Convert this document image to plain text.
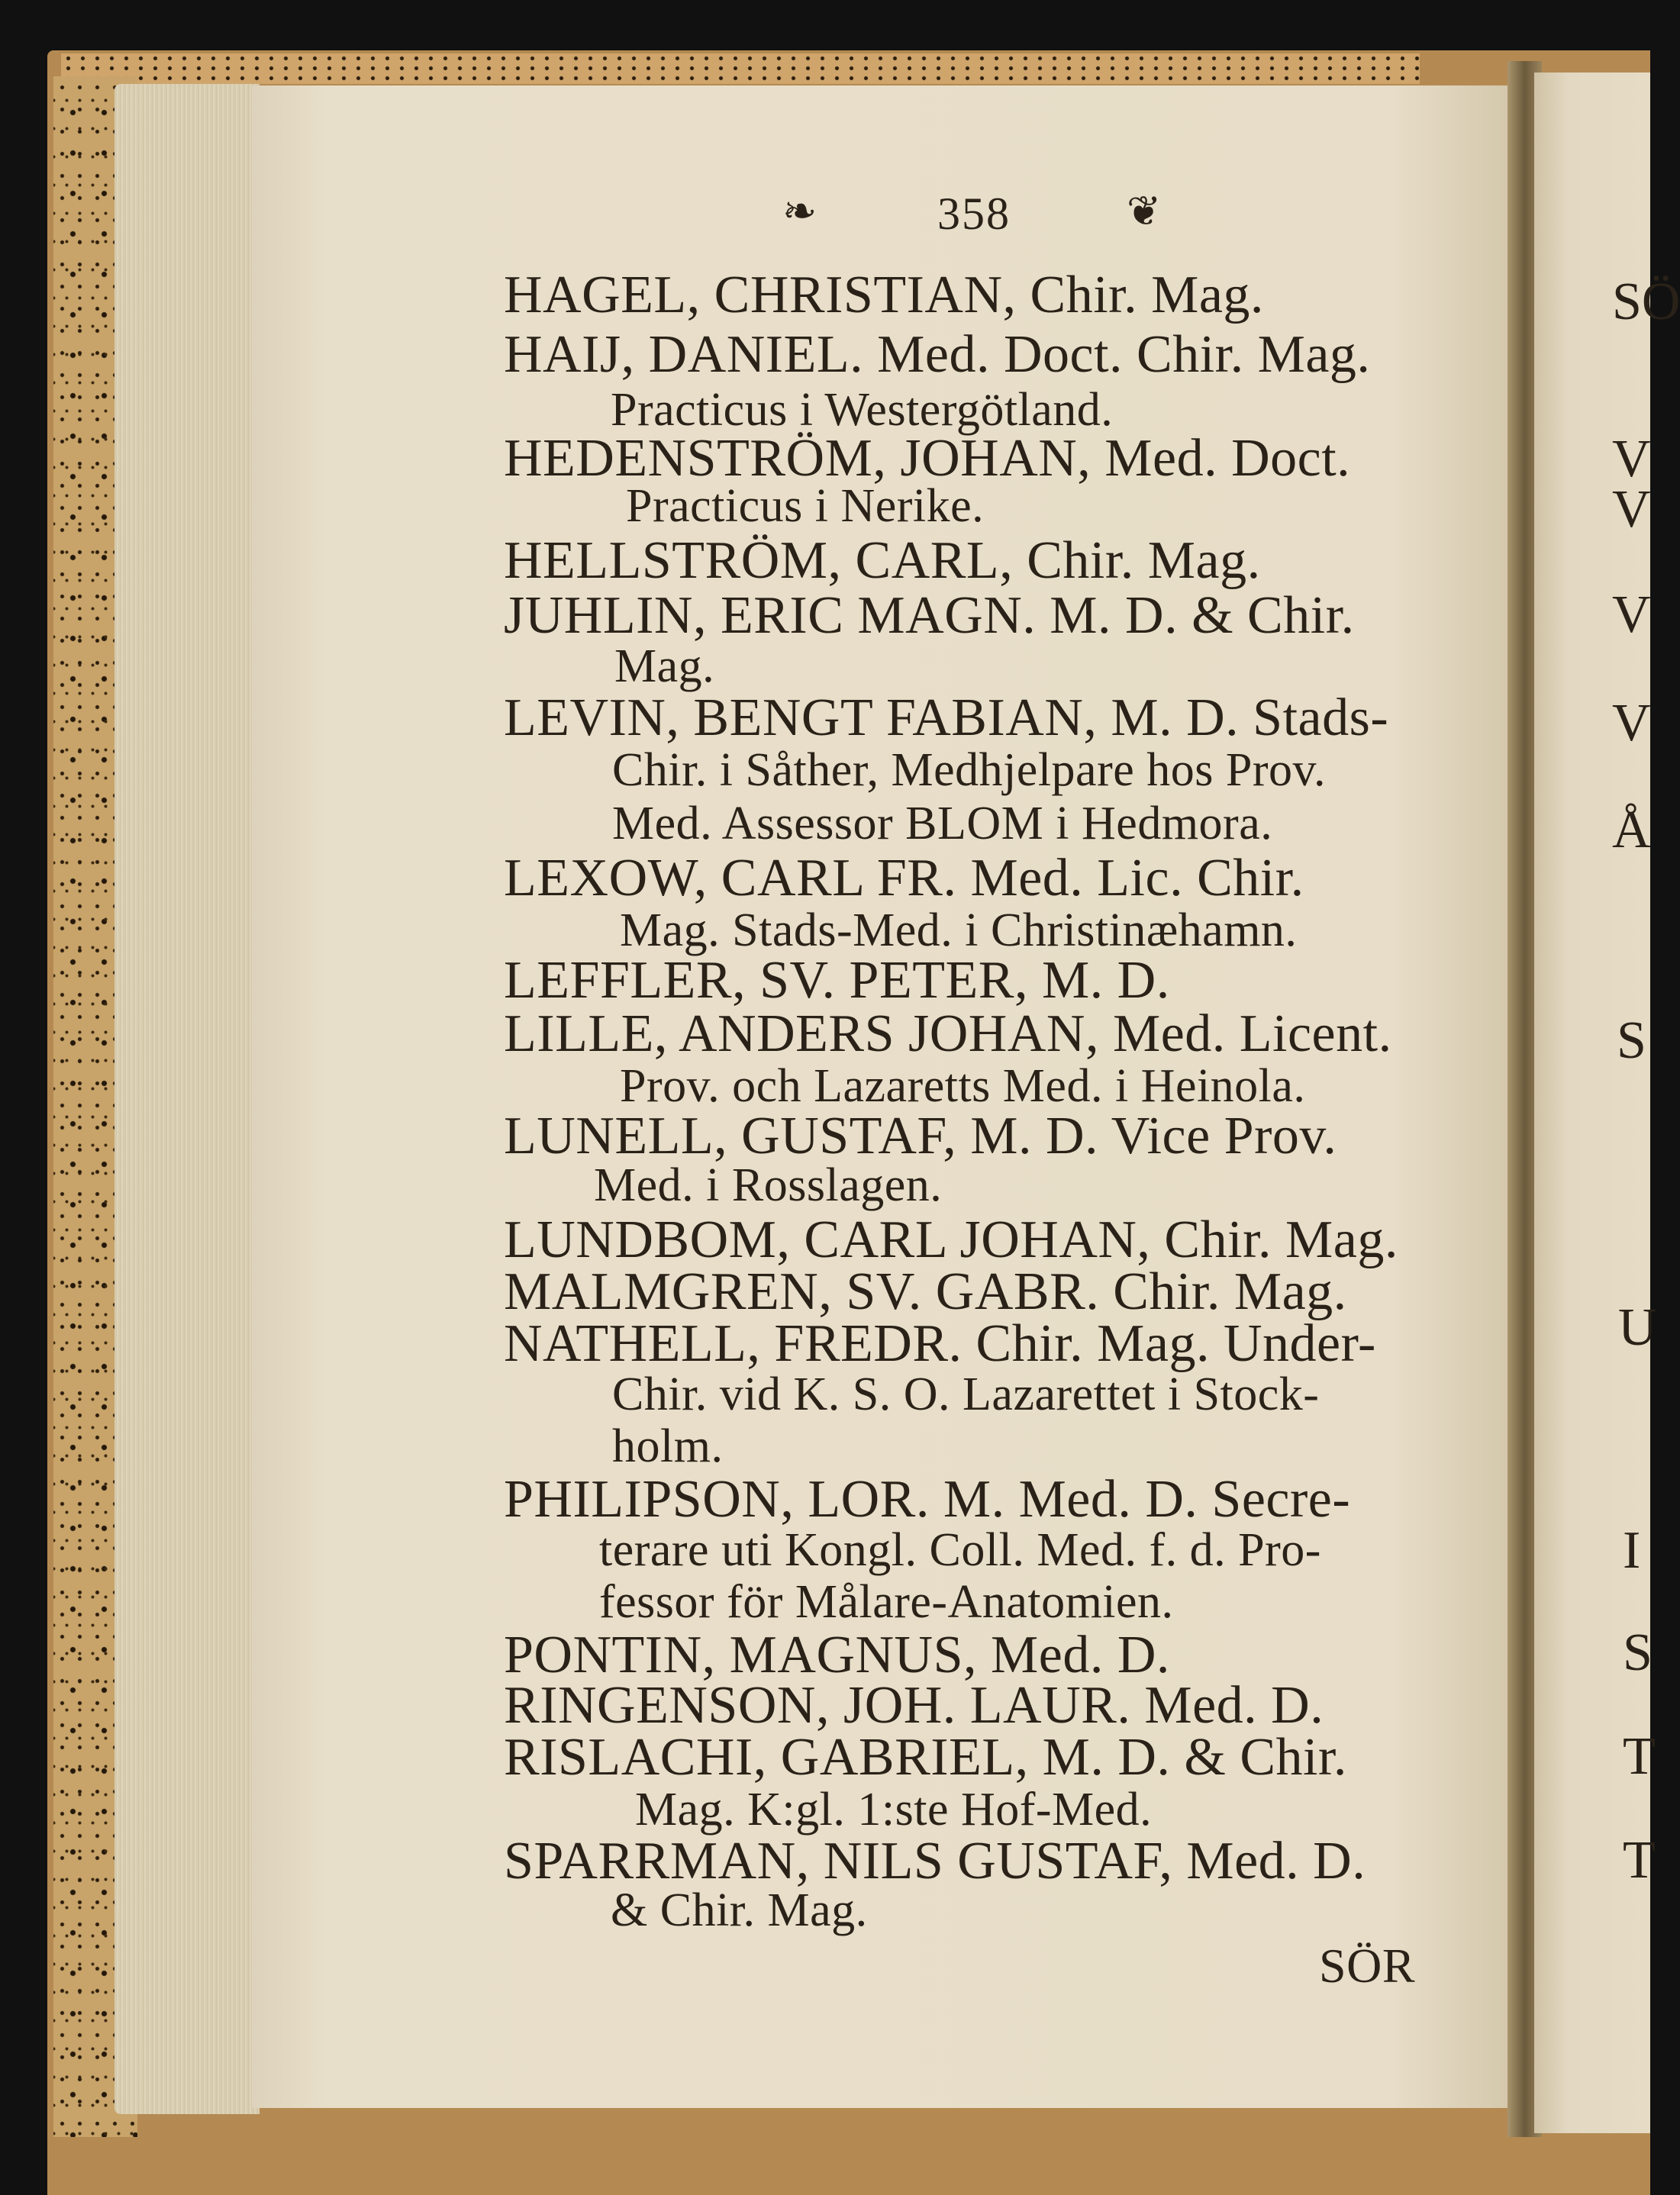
❧	358	❦
HAGEL, CHRISTIAN, Chir. Mag.
HAIJ, DANIEL. Med. Doct. Chir. Mag.
Practicus i Westergötland.
HEDENSTRÖM, JOHAN, Med. Doct.
Practicus i Nerike.
HELLSTRÖM, CARL, Chir. Mag.
JUHLIN, ERIC MAGN. M. D. & Chir.
Mag.
LEVIN, BENGT FABIAN, M. D. Stads-
Chir. i Såther, Medhjelpare hos Prov.
Med. Assessor BLOM i Hedmora.
LEXOW, CARL FR. Med. Lic. Chir.
Mag. Stads-Med. i Christinæhamn.
LEFFLER, SV. PETER, M. D.
LILLE, ANDERS JOHAN, Med. Licent.
Prov. och Lazaretts Med. i Heinola.
LUNELL, GUSTAF, M. D. Vice Prov.
Med. i Rosslagen.
LUNDBOM, CARL JOHAN, Chir. Mag.
MALMGREN, SV. GABR. Chir. Mag.
NATHELL, FREDR. Chir. Mag. Under-
Chir. vid K. S. O. Lazarettet i Stock-
holm.
PHILIPSON, LOR. M. Med. D. Secre-
terare uti Kongl. Coll. Med. f. d. Pro-
fessor för Målare-Anatomien.
PONTIN, MAGNUS, Med. D.
RINGENSON, JOH. LAUR. Med. D.
RISLACHI, GABRIEL, M. D. & Chir.
Mag. K:gl. 1:ste Hof-Med.
SPARRMAN, NILS GUSTAF, Med. D.
& Chir. Mag.
SÖR
SÖ
V
V
V
V
Å
S
U
I
S
T
T
